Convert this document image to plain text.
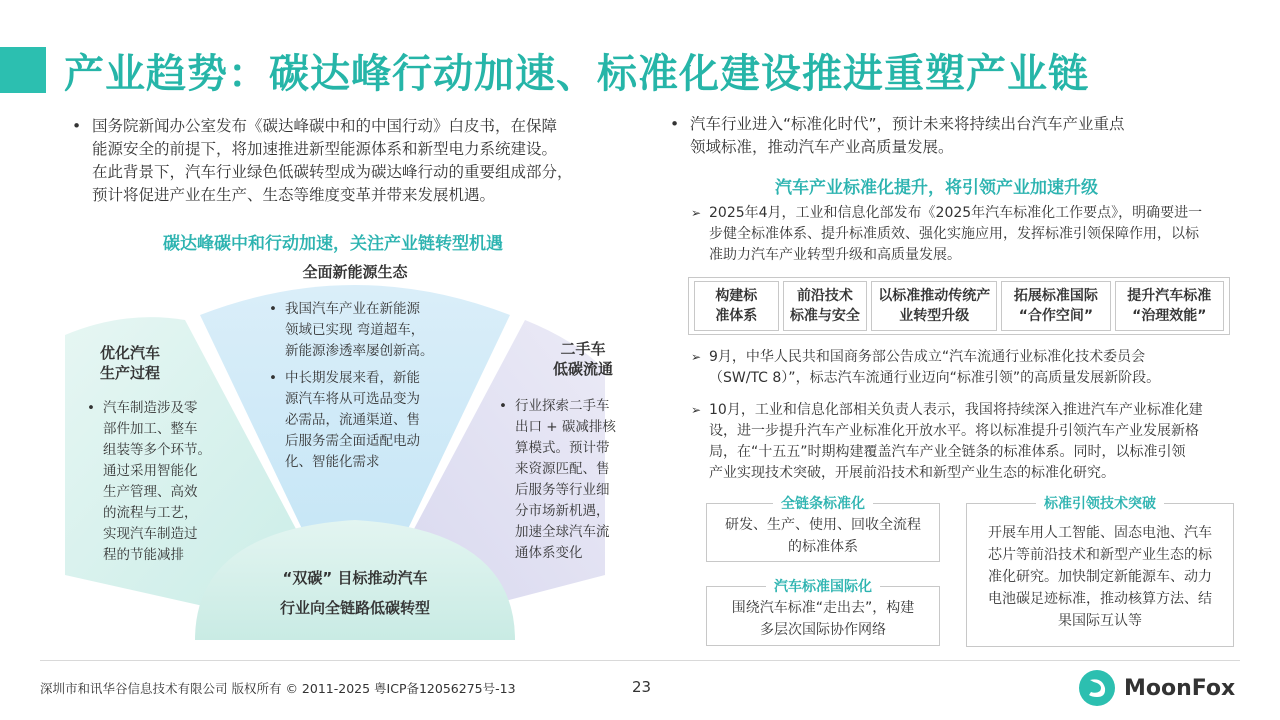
产业趋势：碳达峰行动加速、标准化建设推进重塑产业链
• 国务院新闻办公室发布《碳达峰碳中和的中国行动》白皮书，在保障
能源安全的前提下，将加速推进新型能源体系和新型电力系统建设。
在此背景下，汽车行业绿色低碳转型成为碳达峰行动的重要组成部分，
预计将促进产业在生产、生态等维度变革并带来发展机遇。
碳达峰碳中和行动加速，关注产业链转型机遇
优化汽车
生产过程
• 汽车制造涉及零
部件加工、整车
组装等多个环节。
通过采用智能化
生产管理、高效
的流程与工艺，
实现汽车制造过
程的节能减排
全面新能源生态
• 我国汽车产业在新能源
领域已实现 弯道超车，
新能源渗透率屡创新高。
• 中长期发展来看，新能
源汽车将从可选品变为
必需品，流通渠道、售
后服务需全面适配电动
化、智能化需求
二手车
低碳流通
• 行业探索二手车
出口 + 碳减排核
算模式。预计带
来资源匹配、售
后服务等行业细
分市场新机遇，
加速全球汽车流
通体系变化
“双碳” 目标推动汽车
行业向全链路低碳转型
• 汽车行业进入“标准化时代”，预计未来将持续出台汽车产业重点
领域标准，推动汽车产业高质量发展。
汽车产业标准化提升，将引领产业加速升级
➢ 2025年4月，工业和信息化部发布《2025年汽车标准化工作要点》，明确要进一
步健全标准体系、提升标准质效、强化实施应用，发挥标准引领保障作用，以标
准助力汽车产业转型升级和高质量发展。
构建标
准体系
前沿技术
标准与安全
以标准推动传统产
业转型升级
拓展标准国际
“合作空间”
提升汽车标准
“治理效能”
➢ 9月，中华人民共和国商务部公告成立“汽车流通行业标准化技术委员会
（SW/TC 8）”，标志汽车流通行业迈向“标准引领”的高质量发展新阶段。
➢ 10月，工业和信息化部相关负责人表示，我国将持续深入推进汽车产业标准化建
设，进一步提升汽车产业标准化开放水平。将以标准提升引领汽车产业发展新格
局，在“十五五”时期构建覆盖汽车产业全链条的标准体系。同时，以标准引领
产业实现技术突破，开展前沿技术和新型产业生态的标准化研究。
全链条标准化
研发、生产、使用、回收全流程
的标准体系
汽车标准国际化
围绕汽车标准“走出去”，构建
多层次国际协作网络
标准引领技术突破
开展车用人工智能、固态电池、汽车
芯片等前沿技术和新型产业生态的标
准化研究。加快制定新能源车、动力
电池碳足迹标准，推动核算方法、结
果国际互认等
深圳市和讯华谷信息技术有限公司 版权所有 © 2011-2025 粤ICP备12056275号-13	23	MoonFox
